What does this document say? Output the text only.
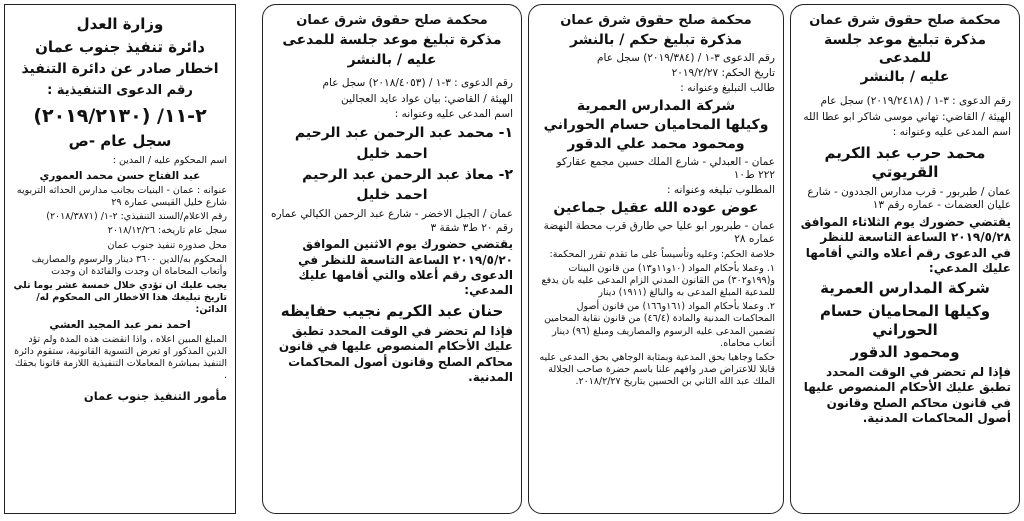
محكمة صلح حقوق شرق عمان
مذكرة تبليغ موعد جلسة للمدعى
عليه / بالنشر
رقم الدعوى : ٣-١ / (٢٠١٩/٢٤١٨) سجل عام
الهيئة / القاضي: تهاني موسى شاكر ابو عطا الله
اسم المدعى عليه وعنوانه :
محمد حرب عبد الكريم القريوتي
عمان / طبربور - قرب مدارس الجددون - شارع عليان العضمات - عماره رقم ١٣
يقتضي حضورك يوم الثلاثاء الموافق ٢٠١٩/٥/٢٨ الساعة التاسعة للنظر في الدعوى رقم أعلاه والتي أقامها عليك المدعي:
شركة المدارس العمرية
وكيلها المحاميان حسام الحوراني
ومحمود الدقور
فإذا لم تحضر في الوقت المحدد تطبق عليك الأحكام المنصوص عليها في قانون محاكم الصلح وقانون أصول المحاكمات المدنية.
محكمة صلح حقوق شرق عمان
مذكرة تبليغ حكم / بالنشر
رقم الدعوى ٣-١ / (٢٠١٩/٣٨٤) سجل عام
تاريخ الحكم: ٢٠١٩/٢/٢٧
طالب التبليغ وعنوانه :
شركة المدارس العمرية
وكيلها المحاميان حسام الحوراني
ومحمود محمد علي الدقور
عمان - العبدلي - شارع الملك حسين مجمع عقاركو ٢٢٢ ط١٠
المطلوب تبليغه وعنوانه :
عوض عوده الله عقيل جماعين
عمان - طبربور ابو عليا حي طارق قرب محطة النهضة عماره ٢٨
خلاصة الحكم: وعليه وتأسيساً على ما تقدم تقرر المحكمة:
١. وعملا بأحكام المواد (١٠و١١و١٣) من قانون البينات و(١٩٩و٣٠٢) من القانون المدني الزام المدعى عليه بان يدفع للمدعية المبلغ المدعى به والبالغ (١٩١١) دينار
٢. وعملا بأحكام المواد (١٦١و١٦٦) من قانون أصول المحاكمات المدنية والمادة (٤٦/٤) من قانون نقابة المحامين تضمين المدعى عليه الرسوم والمصاريف ومبلغ (٩٦) دينار أتعاب محاماه.
حكما وجاهيا بحق المدعية وبمثابة الوجاهي بحق المدعى عليه قابلا للاعتراض صدر وافهم علنا باسم حضرة صاحب الجلالة الملك عبد الله الثاني بن الحسين بتاريخ ٢٠١٨/٢/٢٧.
محكمة صلح حقوق شرق عمان
مذكرة تبليغ موعد جلسة للمدعى
عليه / بالنشر
رقم الدعوى : ٣-١ / (٢٠١٨/٤٠٥٣) سجل عام
الهيئة / القاضي: بيان عواد عايد العجالين
اسم المدعى عليه وعنوانه :
١- محمد عبد الرحمن عبد الرحيم
احمد خليل
٢- معاذ عبد الرحمن عبد الرحيم
احمد خليل
عمان / الجبل الاخضر - شارع عبد الرحمن الكيالي عماره رقم ٢٠ ط٣ شقة ٣
يقتضي حضورك يوم الاثنين الموافق ٢٠١٩/٥/٢٠ الساعة التاسعة للنظر في الدعوى رقم أعلاه والتي أقامها عليك المدعي:
حنان عبد الكريم نجيب حفايظه
فإذا لم تحضر في الوقت المحدد تطبق عليك الأحكام المنصوص عليها في قانون محاكم الصلح وقانون أصول المحاكمات المدنية.
وزارة العدل
دائرة تنفيذ جنوب عمان
اخطار صادر عن دائرة التنفيذ
رقم الدعوى التنفيذية :
٢-١١/ (٢٠١٩/٢١٣٠)
سجل عام -ص
اسم المحكوم عليه / المدين :
عبد الفتاح حسن محمد العموري
عنوانه : عمان - البنيات بجانب مدارس الحداثه التربويه شارع خليل القيسي عمارة ٢٩
رقم الاعلام/السند التنفيذي: ٢-١/ (٢٠١٨/٣٨٧١)
سجل عام تاريخه: ٢٠١٨/١٢/٢٦
محل صدوره تنفيذ جنوب عمان
المحكوم به/الدين ٣٦٠٠ دينار والرسوم والمصاريف وأتعاب المحاماة ان وجدت والفائدة ان وجدت
يجب عليك ان تؤدي خلال خمسة عشر يوما تلي تاريخ تبليغك هذا الاخطار الى المحكوم له/الدائن:
احمد نمر عبد المجيد العشي
المبلغ المبين اعلاه ، واذا انقضت هذه المدة ولم تؤد الدين المذكور او تعرض التسوية القانونية، ستقوم دائرة التنفيذ بمباشرة المعاملات التنفيذية اللازمة قانونا بحقك .
مأمور التنفيذ جنوب عمان
